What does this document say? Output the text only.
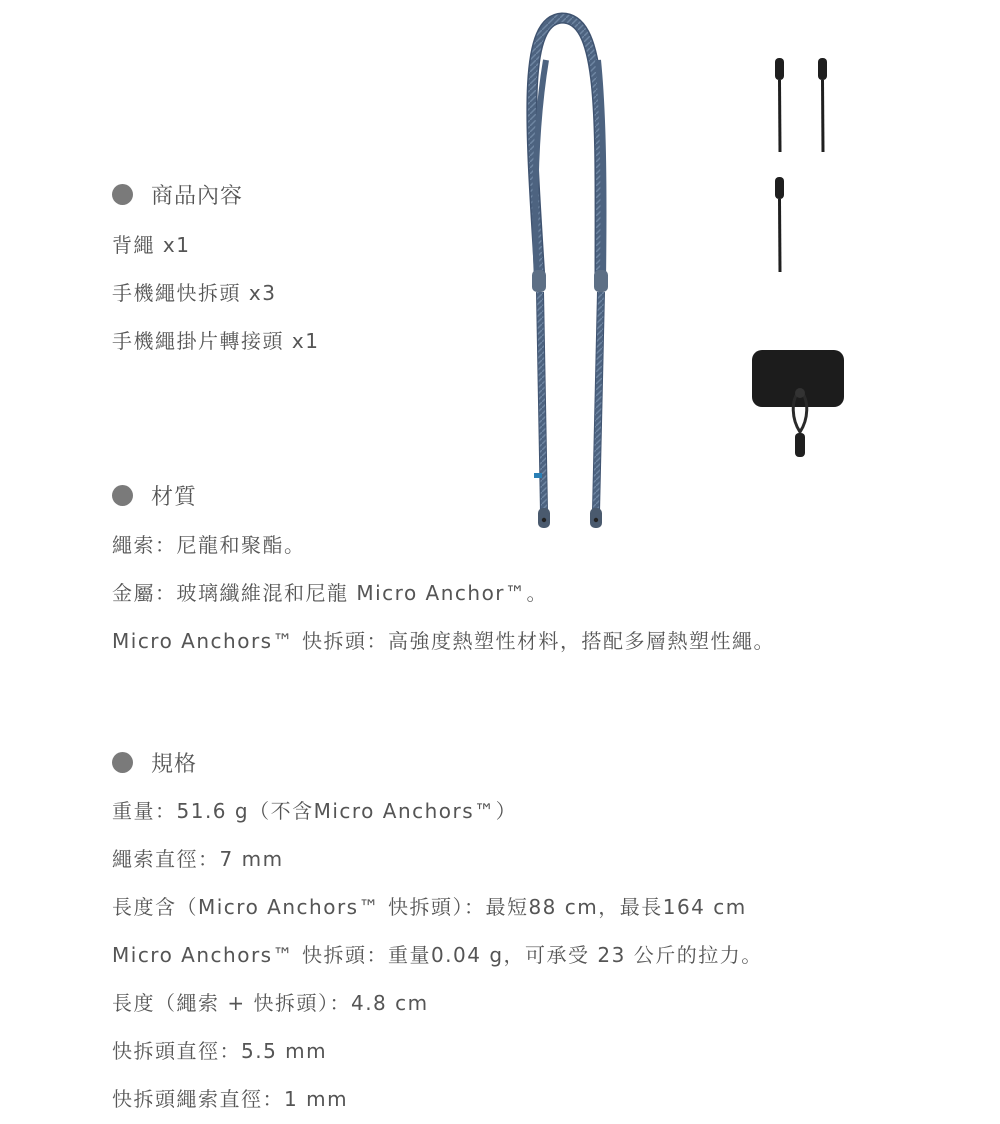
商品內容
背繩 x1
手機繩快拆頭 x3
手機繩掛片轉接頭 x1
材質
繩索：尼龍和聚酯。
金屬：玻璃纖維混和尼龍 Micro Anchor™。
Micro Anchors™ 快拆頭：高強度熱塑性材料，搭配多層熱塑性繩。
規格
重量：51.6 g（不含Micro Anchors™）
繩索直徑：7 mm
長度含（Micro Anchors™ 快拆頭）：最短88 cm，最長164 cm
Micro Anchors™ 快拆頭：重量0.04 g，可承受 23 公斤的拉力。
長度（繩索 + 快拆頭）：4.8 cm
快拆頭直徑：5.5 mm
快拆頭繩索直徑：1 mm
